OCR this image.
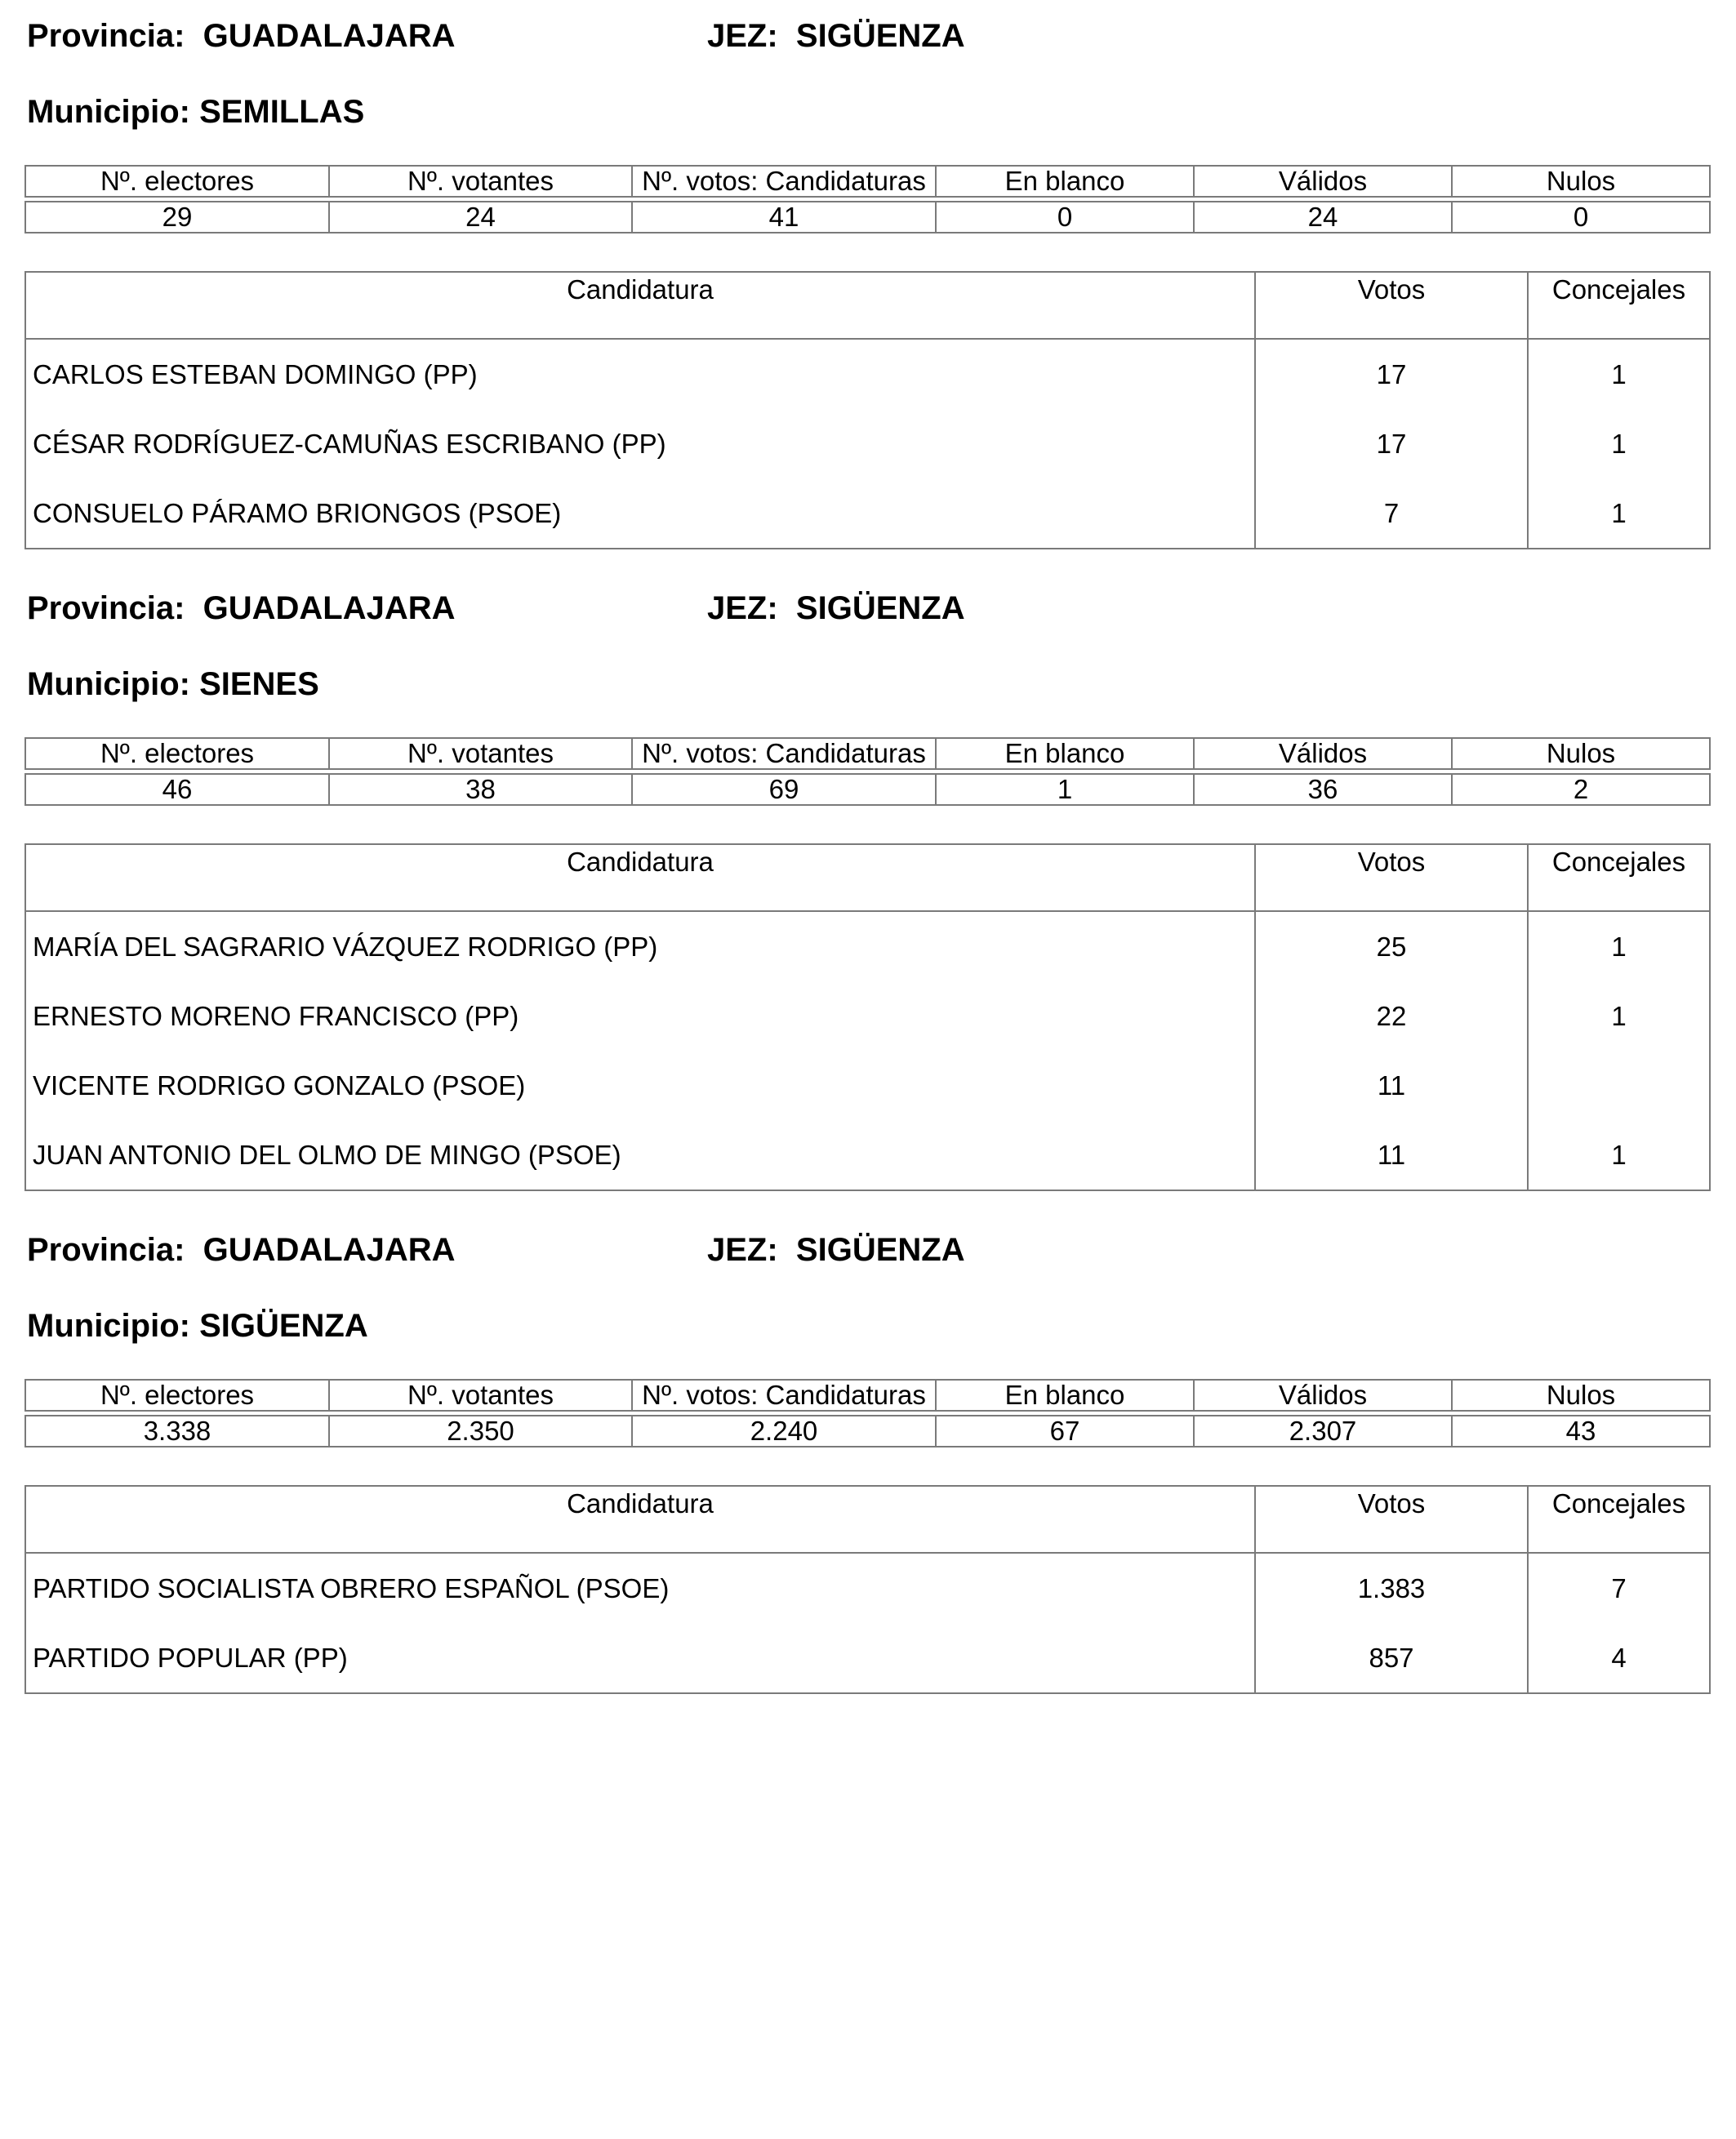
Provincia:  GUADALAJARA	JEZ:  SIGÜENZA
Municipio: SEMILLAS
Nº. electores	Nº. votantes	Nº. votos: Candidaturas	En blanco	Válidos	Nulos

29	24	41	0	24	0
Candidatura	Votos	Concejales
CARLOS ESTEBAN DOMINGO (PP)	17	1
CÉSAR RODRÍGUEZ-CAMUÑAS ESCRIBANO (PP)	17	1
CONSUELO PÁRAMO BRIONGOS (PSOE)	7	1
Provincia:  GUADALAJARA	JEZ:  SIGÜENZA
Municipio: SIENES
Nº. electores	Nº. votantes	Nº. votos: Candidaturas	En blanco	Válidos	Nulos

46	38	69	1	36	2
Candidatura	Votos	Concejales
MARÍA DEL SAGRARIO VÁZQUEZ RODRIGO (PP)	25	1
ERNESTO MORENO FRANCISCO (PP)	22	1
VICENTE RODRIGO GONZALO (PSOE)	11	
JUAN ANTONIO DEL OLMO DE MINGO (PSOE)	11	1
Provincia:  GUADALAJARA	JEZ:  SIGÜENZA
Municipio: SIGÜENZA
Nº. electores	Nº. votantes	Nº. votos: Candidaturas	En blanco	Válidos	Nulos

3.338	2.350	2.240	67	2.307	43
Candidatura	Votos	Concejales
PARTIDO SOCIALISTA OBRERO ESPAÑOL (PSOE)	1.383	7
PARTIDO POPULAR (PP)	857	4
